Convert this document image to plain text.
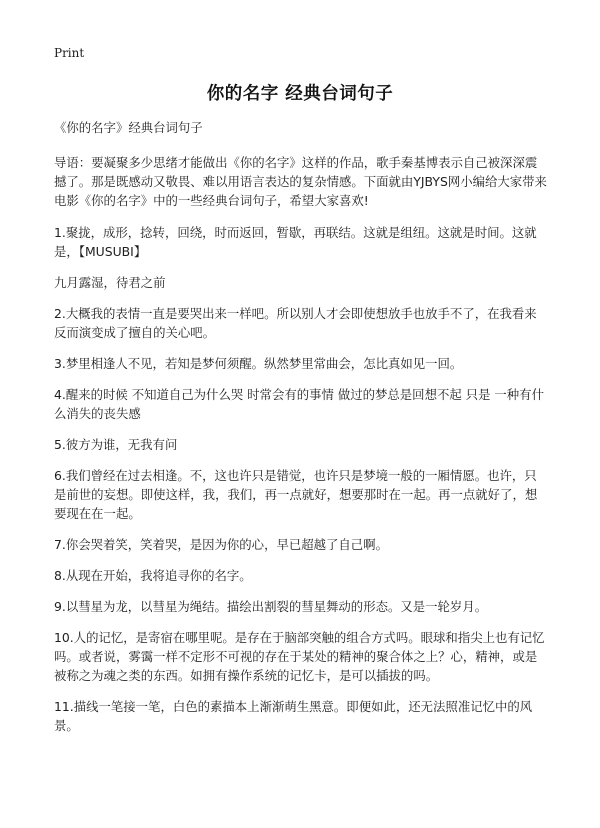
Print
你的名字 经典台词句子

《你的名字》经典台词句子

导语：要凝聚多少思绪才能做出《你的名字》这样的作品，歌手秦基博表示自己被深深震撼了。那是既感动又敬畏、难以用语言表达的复杂情感。下面就由YJBYS网小编给大家带来电影《你的名字》中的一些经典台词句子，希望大家喜欢!

1.聚拢，成形，捻转，回绕，时而返回，暂歇，再联结。这就是组纽。这就是时间。这就是，【MUSUBI】

九月露湿，待君之前

2.大概我的表情一直是要哭出来一样吧。所以别人才会即使想放手也放手不了，在我看来反而演变成了擅自的关心吧。

3.梦里相逢人不见，若知是梦何须醒。纵然梦里常曲会，怎比真如见一回。

4.醒来的时候 不知道自己为什么哭 时常会有的事情 做过的梦总是回想不起 只是 一种有什么消失的丧失感

5.彼方为谁，无我有问

6.我们曾经在过去相逢。不，这也许只是错觉，也许只是梦境一般的一厢情愿。也许，只是前世的妄想。即使这样，我，我们，再一点就好，想要那时在一起。再一点就好了，想要现在在一起。

7.你会哭着笑，笑着哭，是因为你的心，早已超越了自己啊。

8.从现在开始，我将追寻你的名字。

9.以彗星为龙，以彗星为绳结。描绘出割裂的彗星舞动的形态。又是一轮岁月。

10.人的记忆，是寄宿在哪里呢。是存在于脑部突触的组合方式吗。眼球和指尖上也有记忆吗。或者说，雾霭一样不定形不可视的存在于某处的精神的聚合体之上？心，精神，或是被称之为魂之类的东西。如拥有操作系统的记忆卡，是可以插拔的吗。

11.描线一笔接一笔，白色的素描本上渐渐萌生黑意。即便如此，还无法照准记忆中的风景。
